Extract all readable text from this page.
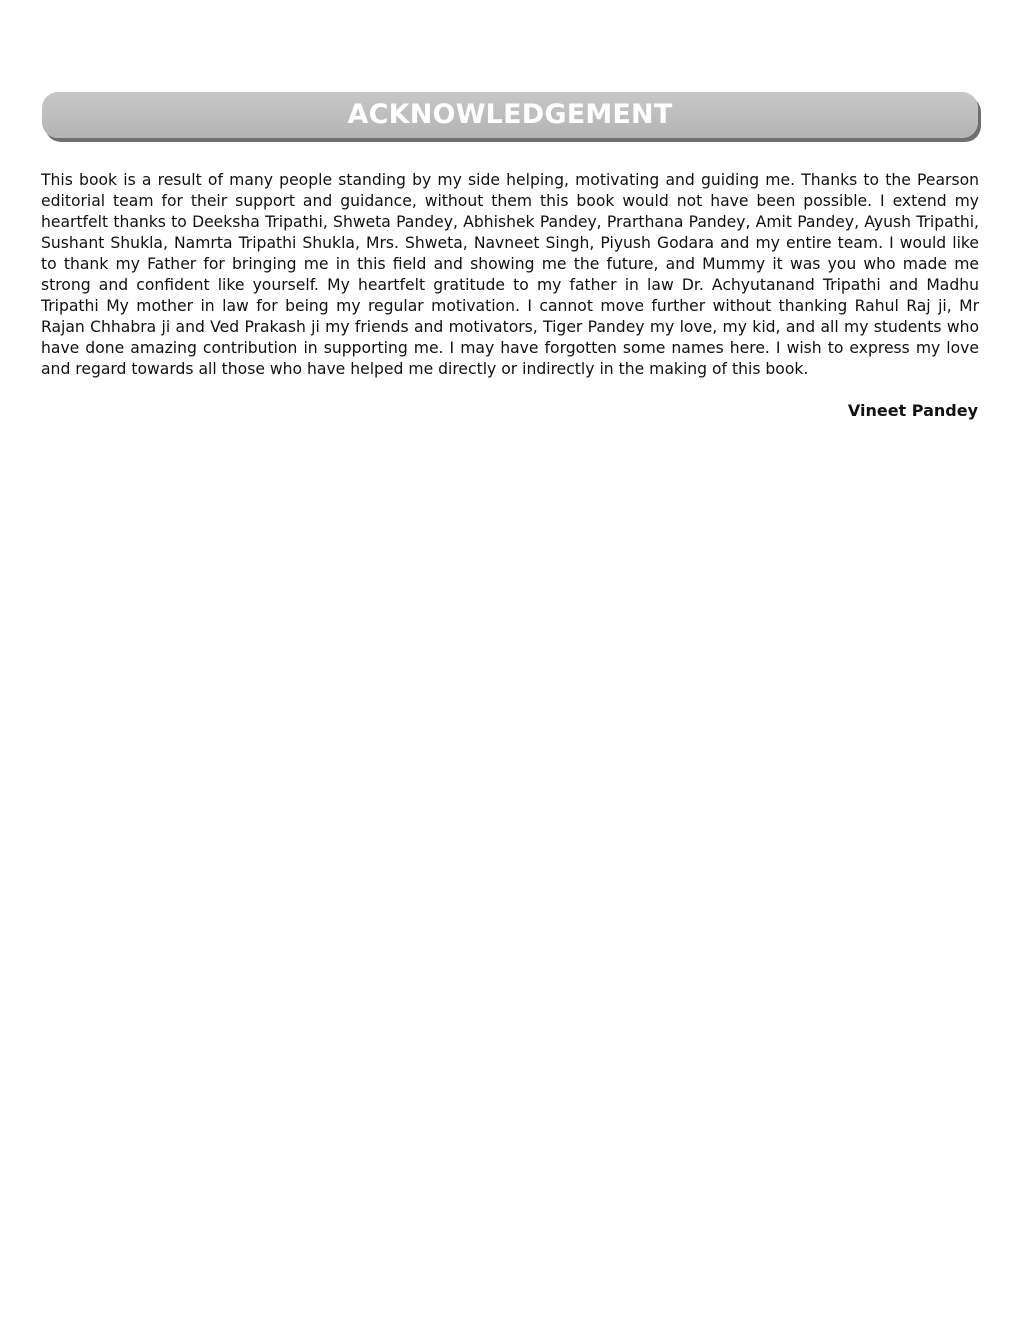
ACKNOWLEDGEMENT

This book is a result of many people standing by my side helping, motivating and guiding me. Thanks to the Pearson editorial team for their support and guidance, without them this book would not have been possible. I extend my heartfelt thanks to Deeksha Tripathi, Shweta Pandey, Abhishek Pandey, Prarthana Pandey, Amit Pandey, Ayush Tripathi, Sushant Shukla, Namrta Tripathi Shukla, Mrs. Shweta, Navneet Singh, Piyush Godara and my entire team. I would like to thank my Father for bringing me in this field and showing me the future, and Mummy it was you who made me strong and confident like yourself. My heartfelt gratitude to my father in law Dr. Achyutanand Tripathi and Madhu Tripathi My mother in law for being my regular motivation. I cannot move further without thanking Rahul Raj ji, Mr Rajan Chhabra ji and Ved Prakash ji my friends and motivators, Tiger Pandey my love, my kid, and all my students who have done amazing contribution in supporting me. I may have forgotten some names here. I wish to express my love and regard towards all those who have helped me directly or indirectly in the making of this book.

Vineet Pandey
